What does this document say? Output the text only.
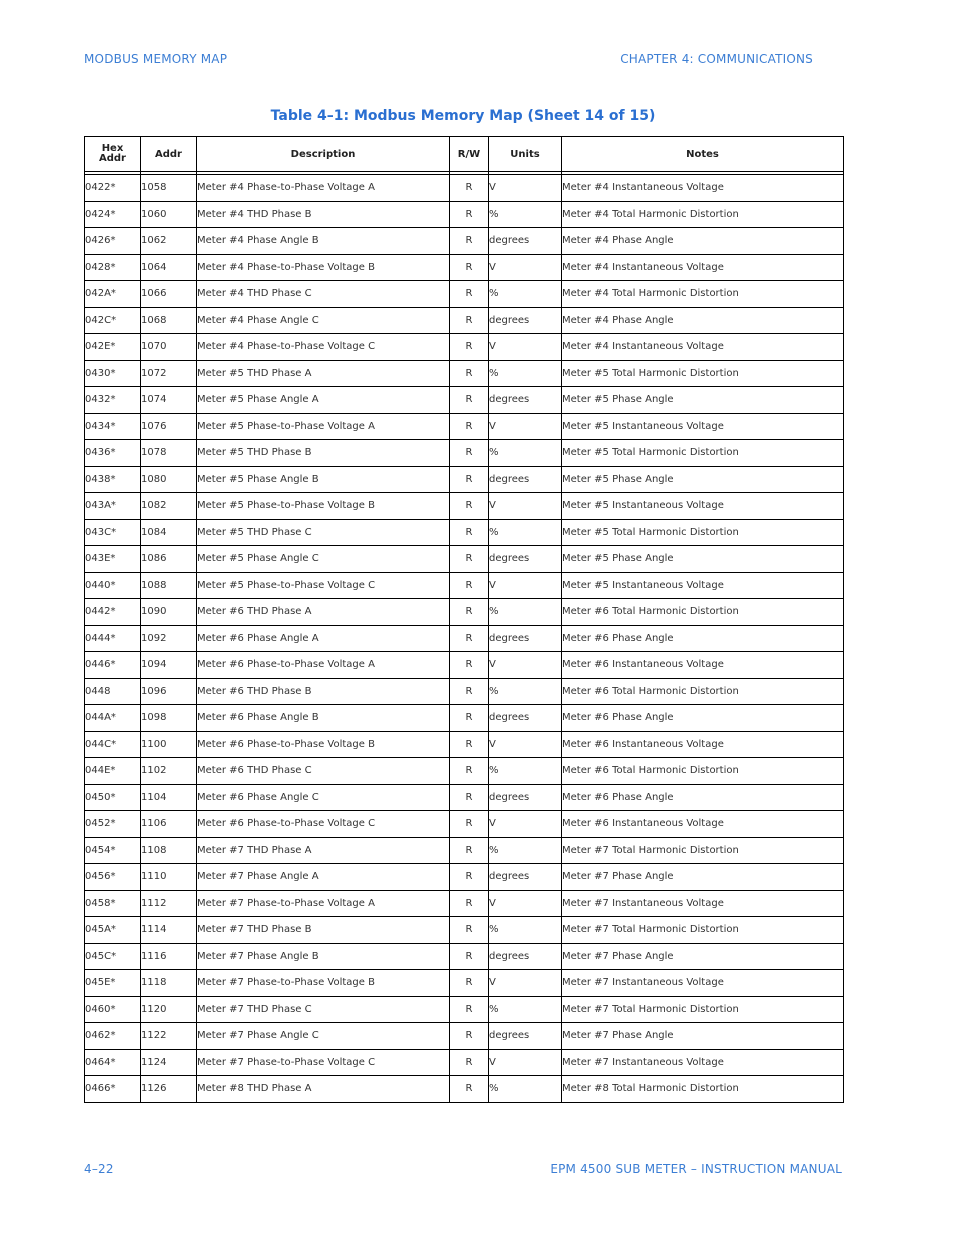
MODBUS MEMORY MAP	CHAPTER 4: COMMUNICATIONS
Table 4–1: Modbus Memory Map (Sheet 14 of 15)
Hex
Addr	Addr	Description	R/W	Units	Notes

0422*	1058	Meter #4 Phase-to-Phase Voltage A	R	V	Meter #4 Instantaneous Voltage
0424*	1060	Meter #4 THD Phase B	R	%	Meter #4 Total Harmonic Distortion
0426*	1062	Meter #4 Phase Angle B	R	degrees	Meter #4 Phase Angle
0428*	1064	Meter #4 Phase-to-Phase Voltage B	R	V	Meter #4 Instantaneous Voltage
042A*	1066	Meter #4 THD Phase C	R	%	Meter #4 Total Harmonic Distortion
042C*	1068	Meter #4 Phase Angle C	R	degrees	Meter #4 Phase Angle
042E*	1070	Meter #4 Phase-to-Phase Voltage C	R	V	Meter #4 Instantaneous Voltage
0430*	1072	Meter #5 THD Phase A	R	%	Meter #5 Total Harmonic Distortion
0432*	1074	Meter #5 Phase Angle A	R	degrees	Meter #5 Phase Angle
0434*	1076	Meter #5 Phase-to-Phase Voltage A	R	V	Meter #5 Instantaneous Voltage
0436*	1078	Meter #5 THD Phase B	R	%	Meter #5 Total Harmonic Distortion
0438*	1080	Meter #5 Phase Angle B	R	degrees	Meter #5 Phase Angle
043A*	1082	Meter #5 Phase-to-Phase Voltage B	R	V	Meter #5 Instantaneous Voltage
043C*	1084	Meter #5 THD Phase C	R	%	Meter #5 Total Harmonic Distortion
043E*	1086	Meter #5 Phase Angle C	R	degrees	Meter #5 Phase Angle
0440*	1088	Meter #5 Phase-to-Phase Voltage C	R	V	Meter #5 Instantaneous Voltage
0442*	1090	Meter #6 THD Phase A	R	%	Meter #6 Total Harmonic Distortion
0444*	1092	Meter #6 Phase Angle A	R	degrees	Meter #6 Phase Angle
0446*	1094	Meter #6 Phase-to-Phase Voltage A	R	V	Meter #6 Instantaneous Voltage
0448	1096	Meter #6 THD Phase B	R	%	Meter #6 Total Harmonic Distortion
044A*	1098	Meter #6 Phase Angle B	R	degrees	Meter #6 Phase Angle
044C*	1100	Meter #6 Phase-to-Phase Voltage B	R	V	Meter #6 Instantaneous Voltage
044E*	1102	Meter #6 THD Phase C	R	%	Meter #6 Total Harmonic Distortion
0450*	1104	Meter #6 Phase Angle C	R	degrees	Meter #6 Phase Angle
0452*	1106	Meter #6 Phase-to-Phase Voltage C	R	V	Meter #6 Instantaneous Voltage
0454*	1108	Meter #7 THD Phase A	R	%	Meter #7 Total Harmonic Distortion
0456*	1110	Meter #7 Phase Angle A	R	degrees	Meter #7 Phase Angle
0458*	1112	Meter #7 Phase-to-Phase Voltage A	R	V	Meter #7 Instantaneous Voltage
045A*	1114	Meter #7 THD Phase B	R	%	Meter #7 Total Harmonic Distortion
045C*	1116	Meter #7 Phase Angle B	R	degrees	Meter #7 Phase Angle
045E*	1118	Meter #7 Phase-to-Phase Voltage B	R	V	Meter #7 Instantaneous Voltage
0460*	1120	Meter #7 THD Phase C	R	%	Meter #7 Total Harmonic Distortion
0462*	1122	Meter #7 Phase Angle C	R	degrees	Meter #7 Phase Angle
0464*	1124	Meter #7 Phase-to-Phase Voltage C	R	V	Meter #7 Instantaneous Voltage
0466*	1126	Meter #8 THD Phase A	R	%	Meter #8 Total Harmonic Distortion
4–22	EPM 4500 SUB METER – INSTRUCTION MANUAL
